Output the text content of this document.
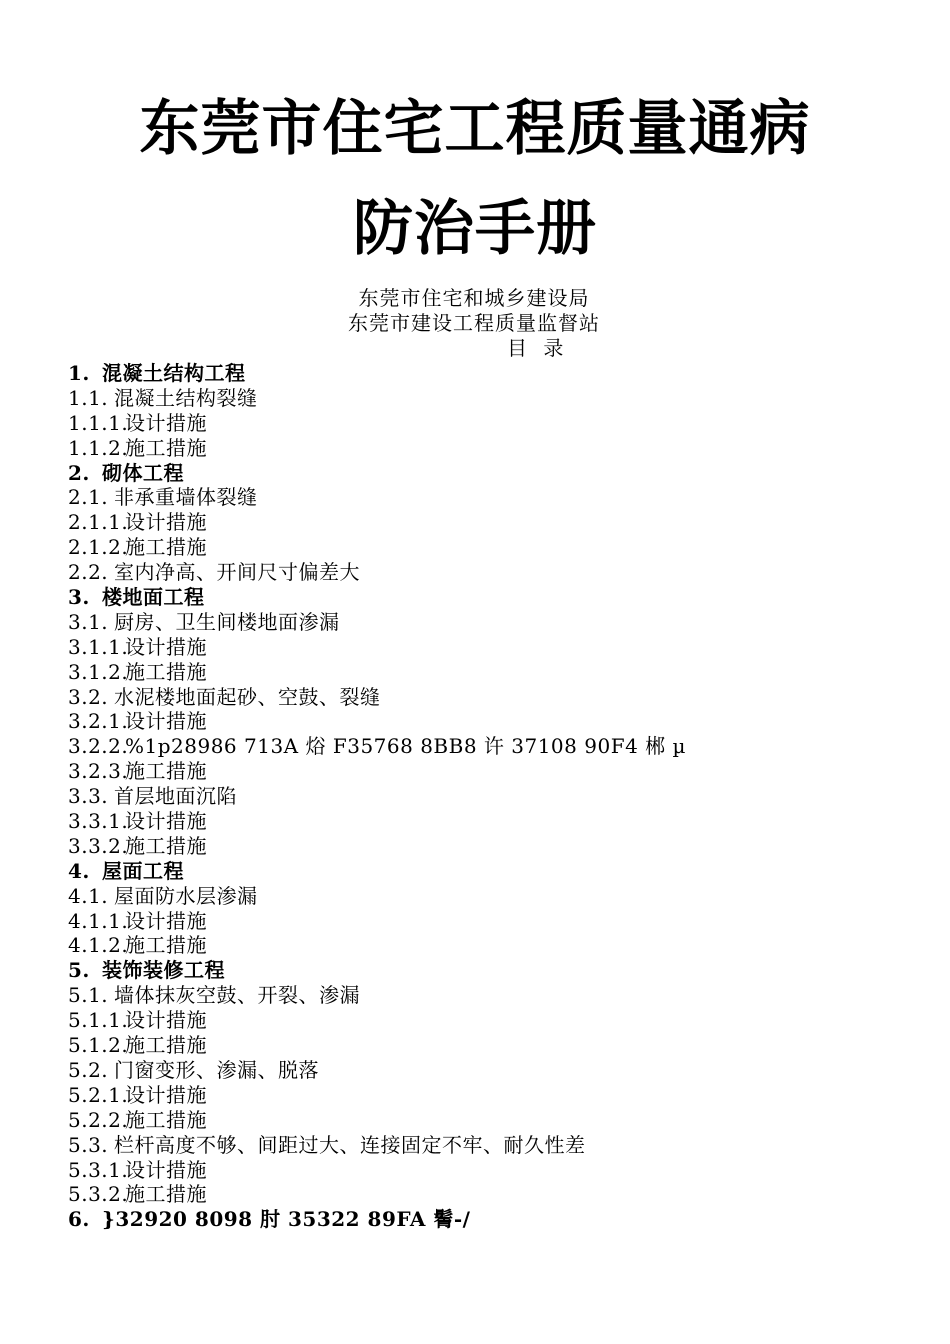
东莞市住宅工程质量通病
防治手册
东莞市住宅和城乡建设局
东莞市建设工程质量监督站
目 录
1. 混凝土结构工程
1.1. 混凝土结构裂缝
1.1.1.设计措施
1.1.2.施工措施
2. 砌体工程
2.1. 非承重墙体裂缝
2.1.1.设计措施
2.1.2.施工措施
2.2. 室内净高、开间尺寸偏差大
3. 楼地面工程
3.1. 厨房、卫生间楼地面渗漏
3.1.1.设计措施
3.1.2.施工措施
3.2. 水泥楼地面起砂、空鼓、裂缝
3.2.1.设计措施
3.2.2.%1p28986 713A 焀 F35768 8BB8 许 37108 90F4 郴 µ
3.2.3.施工措施
3.3. 首层地面沉陷
3.3.1.设计措施
3.3.2.施工措施
4. 屋面工程
4.1. 屋面防水层渗漏
4.1.1.设计措施
4.1.2.施工措施
5. 装饰装修工程
5.1. 墙体抹灰空鼓、开裂、渗漏
5.1.1.设计措施
5.1.2.施工措施
5.2. 门窗变形、渗漏、脱落
5.2.1.设计措施
5.2.2.施工措施
5.3. 栏杆高度不够、间距过大、连接固定不牢、耐久性差
5.3.1.设计措施
5.3.2.施工措施
6. }32920 8098 肘 35322 89FA 鬌-/
